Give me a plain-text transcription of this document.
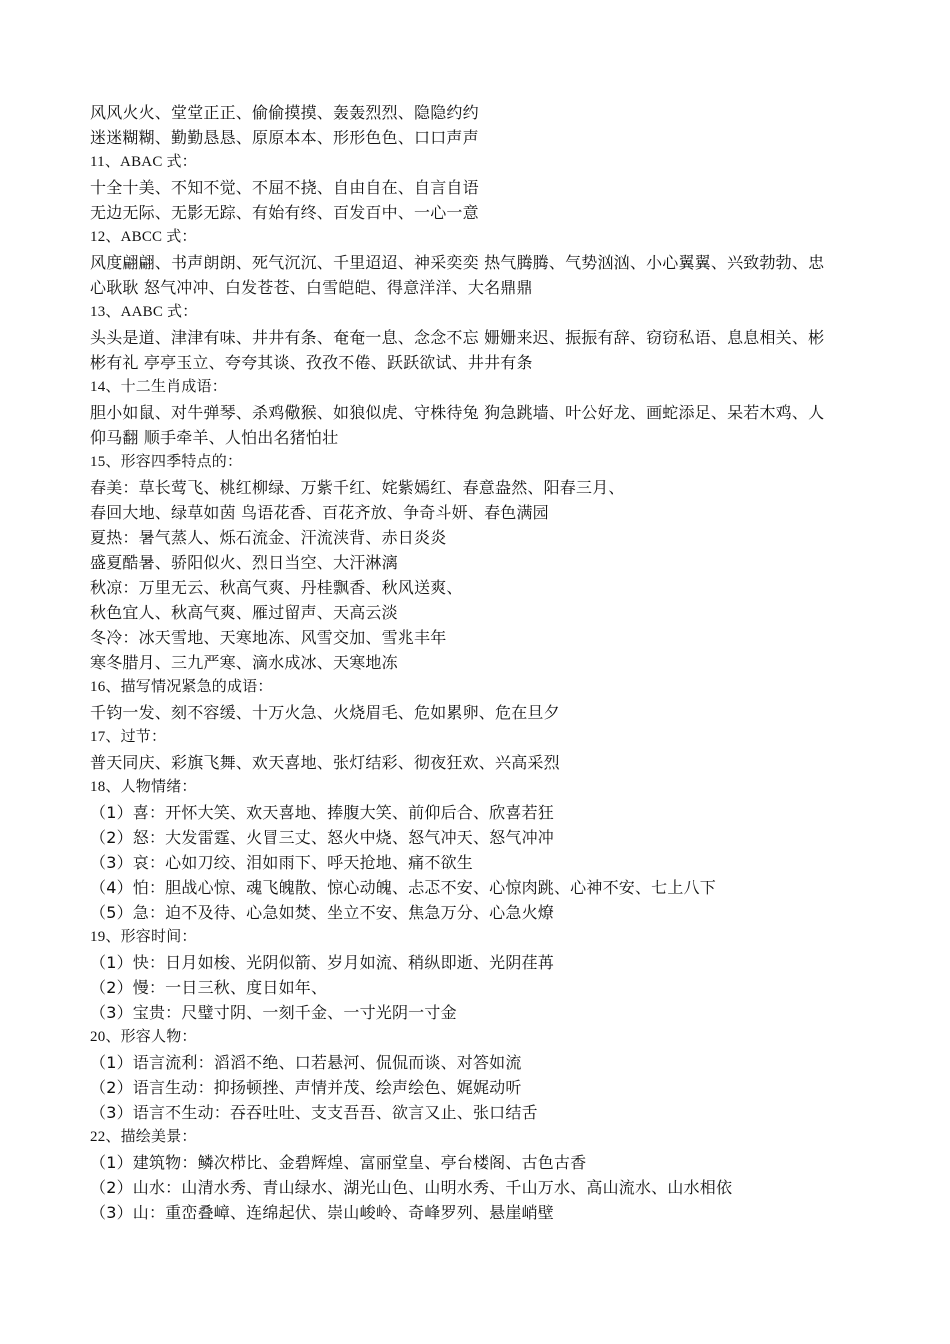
风风火火、堂堂正正、偷偷摸摸、轰轰烈烈、隐隐约约
迷迷糊糊、勤勤恳恳、原原本本、形形色色、口口声声
11、ABAC 式：
十全十美、不知不觉、不屈不挠、自由自在、自言自语
无边无际、无影无踪、有始有终、百发百中、一心一意
12、ABCC 式：
风度翩翩、书声朗朗、死气沉沉、千里迢迢、神采奕奕 热气腾腾、气势汹汹、小心翼翼、兴致勃勃、忠心耿耿 怒气冲冲、白发苍苍、白雪皑皑、得意洋洋、大名鼎鼎
13、AABC 式：
头头是道、津津有味、井井有条、奄奄一息、念念不忘 姗姗来迟、振振有辞、窃窃私语、息息相关、彬彬有礼 亭亭玉立、夸夸其谈、孜孜不倦、跃跃欲试、井井有条
14、十二生肖成语：
胆小如鼠、对牛弹琴、杀鸡儆猴、如狼似虎、守株待兔 狗急跳墙、叶公好龙、画蛇添足、呆若木鸡、人仰马翻 顺手牵羊、人怕出名猪怕壮
15、形容四季特点的：
春美：草长莺飞、桃红柳绿、万紫千红、姹紫嫣红、春意盎然、阳春三月、
春回大地、绿草如茵 鸟语花香、百花齐放、争奇斗妍、春色满园
夏热：暑气蒸人、烁石流金、汗流浃背、赤日炎炎
盛夏酷暑、骄阳似火、烈日当空、大汗淋漓
秋凉：万里无云、秋高气爽、丹桂飘香、秋风送爽、
秋色宜人、秋高气爽、雁过留声、天高云淡
冬冷：冰天雪地、天寒地冻、风雪交加、雪兆丰年
寒冬腊月、三九严寒、滴水成冰、天寒地冻
16、描写情况紧急的成语：
千钧一发、刻不容缓、十万火急、火烧眉毛、危如累卵、危在旦夕
17、过节：
普天同庆、彩旗飞舞、欢天喜地、张灯结彩、彻夜狂欢、兴高采烈
18、人物情绪：
（1）喜：开怀大笑、欢天喜地、捧腹大笑、前仰后合、欣喜若狂
（2）怒：大发雷霆、火冒三丈、怒火中烧、怒气冲天、怒气冲冲
（3）哀：心如刀绞、泪如雨下、呼天抢地、痛不欲生
（4）怕：胆战心惊、魂飞魄散、惊心动魄、忐忑不安、心惊肉跳、心神不安、七上八下
（5）急：迫不及待、心急如焚、坐立不安、焦急万分、心急火燎
19、形容时间：
（1）快：日月如梭、光阴似箭、岁月如流、稍纵即逝、光阴荏苒
（2）慢：一日三秋、度日如年、
（3）宝贵：尺璧寸阴、一刻千金、一寸光阴一寸金
20、形容人物：
（1）语言流利：滔滔不绝、口若悬河、侃侃而谈、对答如流
（2）语言生动：抑扬顿挫、声情并茂、绘声绘色、娓娓动听
（3）语言不生动：吞吞吐吐、支支吾吾、欲言又止、张口结舌
22、描绘美景：
（1）建筑物：鳞次栉比、金碧辉煌、富丽堂皇、亭台楼阁、古色古香
（2）山水：山清水秀、青山绿水、湖光山色、山明水秀、千山万水、高山流水、山水相依
（3）山：重峦叠嶂、连绵起伏、崇山峻岭、奇峰罗列、悬崖峭壁
